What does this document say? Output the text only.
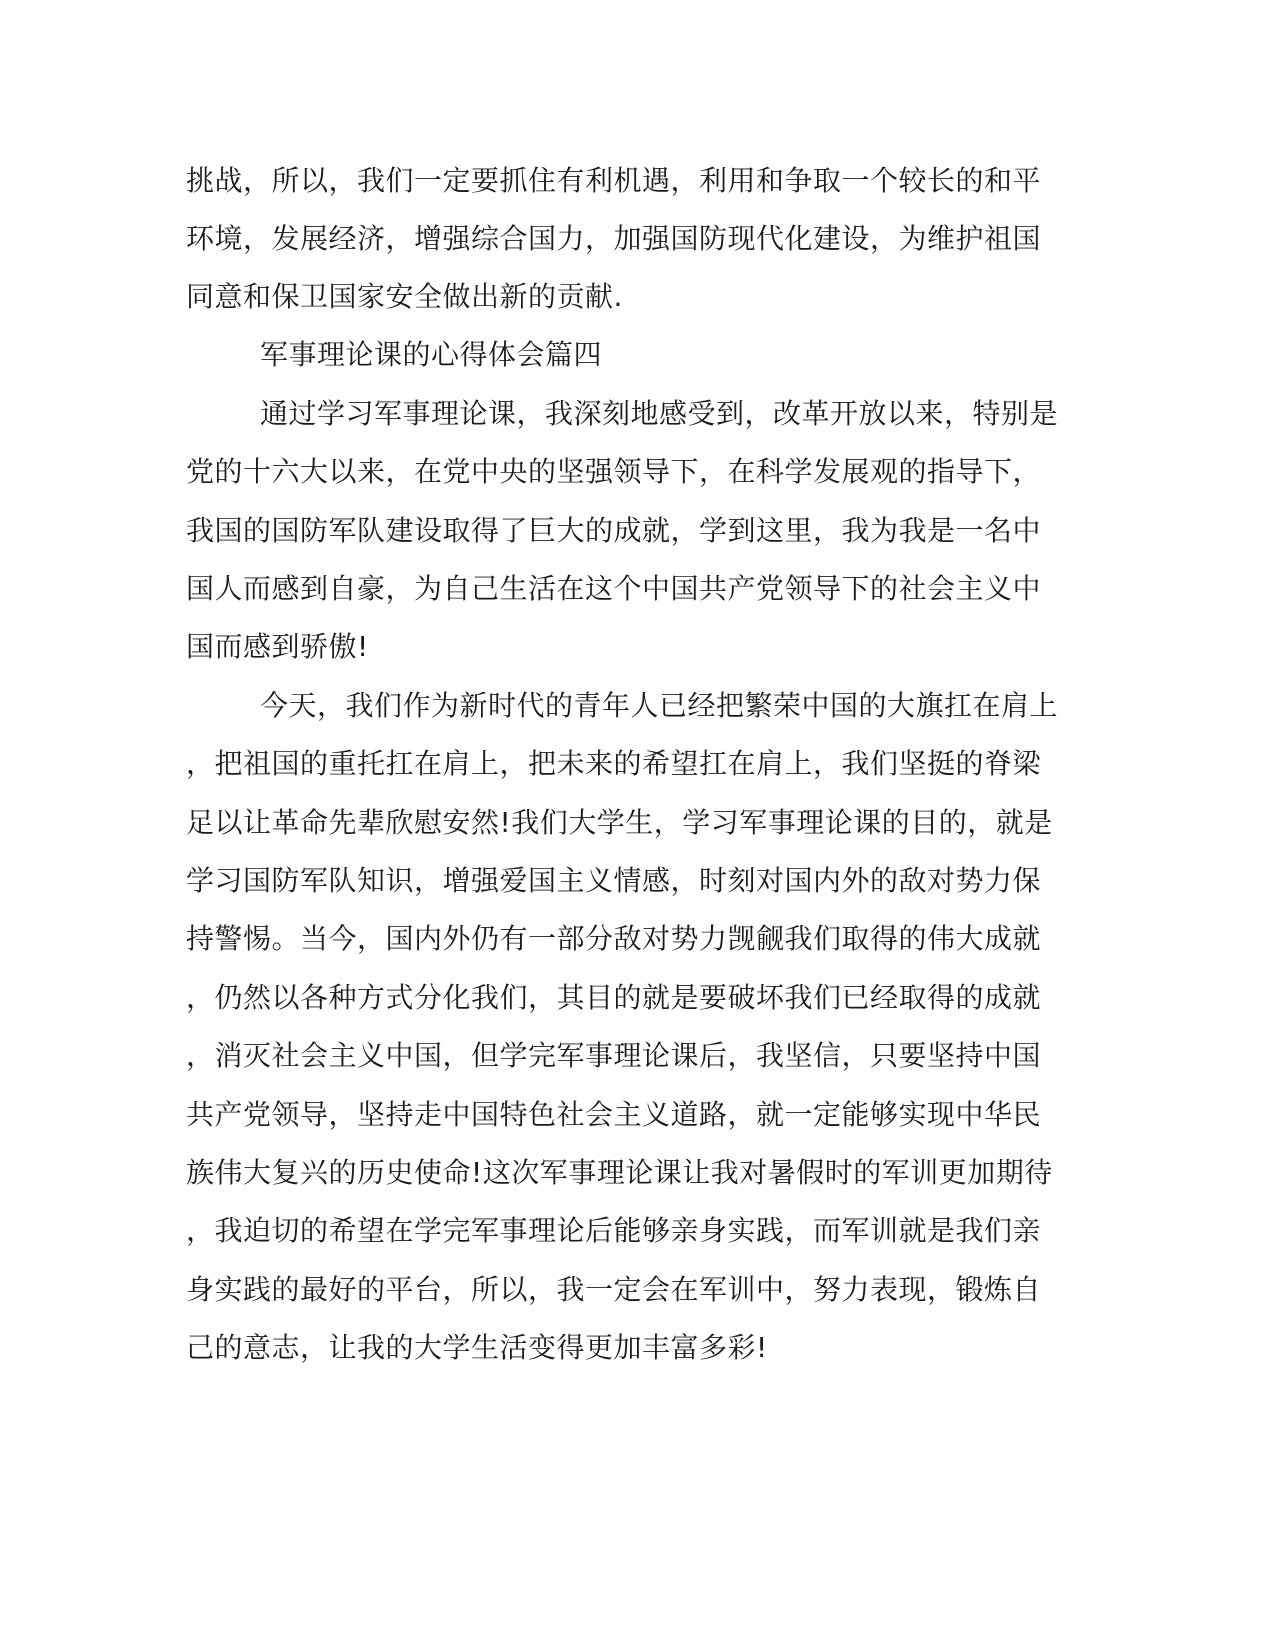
挑战，所以，我们一定要抓住有利机遇，利用和争取一个较长的和平
环境，发展经济，增强综合国力，加强国防现代化建设，为维护祖国
同意和保卫国家安全做出新的贡献.
军事理论课的心得体会篇四
通过学习军事理论课，我深刻地感受到，改革开放以来，特别是
党的十六大以来，在党中央的坚强领导下，在科学发展观的指导下，
我国的国防军队建设取得了巨大的成就，学到这里，我为我是一名中
国人而感到自豪，为自己生活在这个中国共产党领导下的社会主义中
国而感到骄傲!
今天，我们作为新时代的青年人已经把繁荣中国的大旗扛在肩上
，把祖国的重托扛在肩上，把未来的希望扛在肩上，我们坚挺的脊梁
足以让革命先辈欣慰安然!我们大学生，学习军事理论课的目的，就是
学习国防军队知识，增强爱国主义情感，时刻对国内外的敌对势力保
持警惕。当今，国内外仍有一部分敌对势力觊觎我们取得的伟大成就
，仍然以各种方式分化我们，其目的就是要破坏我们已经取得的成就
，消灭社会主义中国，但学完军事理论课后，我坚信，只要坚持中国
共产党领导，坚持走中国特色社会主义道路，就一定能够实现中华民
族伟大复兴的历史使命!这次军事理论课让我对暑假时的军训更加期待
，我迫切的希望在学完军事理论后能够亲身实践，而军训就是我们亲
身实践的最好的平台，所以，我一定会在军训中，努力表现，锻炼自
己的意志，让我的大学生活变得更加丰富多彩!
